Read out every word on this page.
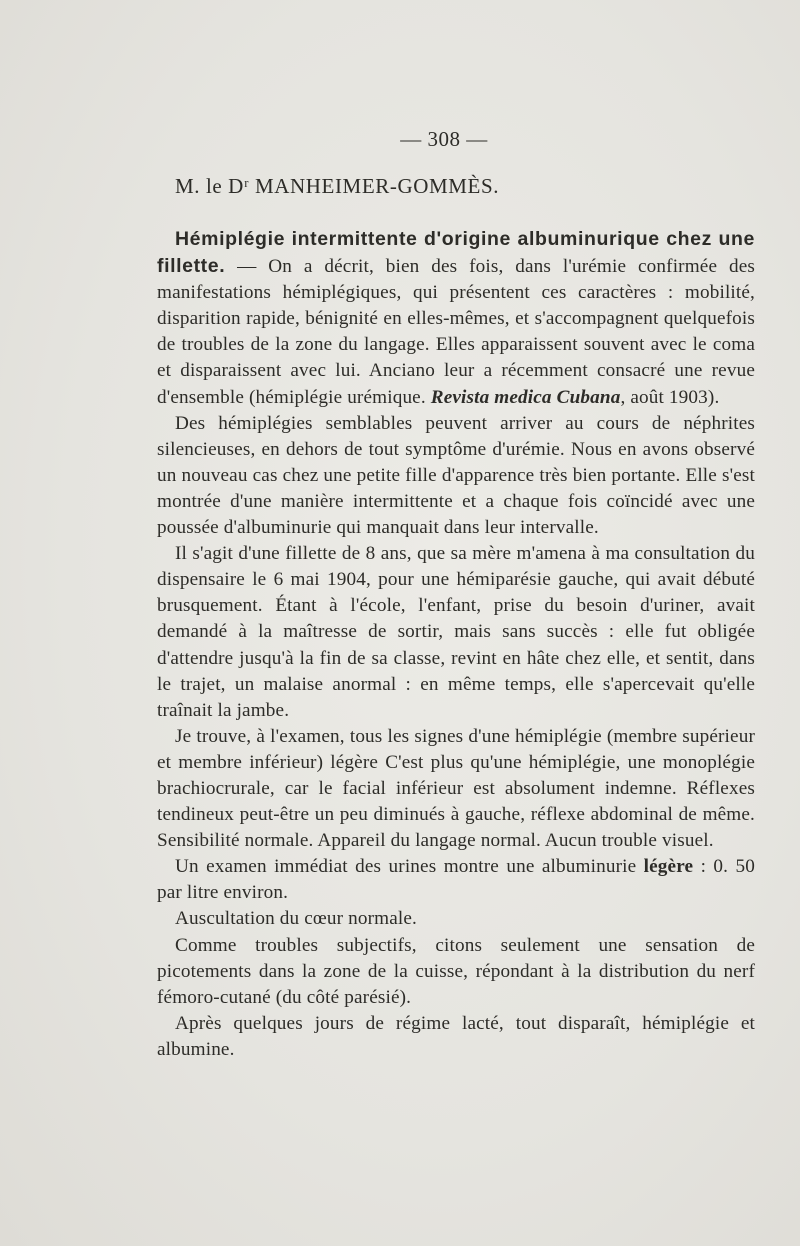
— 308 —
M. le Dʳ MANHEIMER-GOMMÈS.

Hémiplégie intermittente d'origine albuminurique chez une fillette. — On a décrit, bien des fois, dans l'urémie confirmée des manifestations hémiplégiques, qui présentent ces caractères : mobilité, disparition rapide, bénignité en elles-mêmes, et s'accompagnent quelquefois de troubles de la zone du langage. Elles apparaissent souvent avec le coma et disparaissent avec lui. Anciano leur a récemment consacré une revue d'ensemble (hémiplégie urémique. Revista medica Cubana, août 1903).

Des hémiplégies semblables peuvent arriver au cours de néphrites silencieuses, en dehors de tout symptôme d'urémie. Nous en avons observé un nouveau cas chez une petite fille d'apparence très bien portante. Elle s'est montrée d'une manière intermittente et a chaque fois coïncidé avec une poussée d'albuminurie qui manquait dans leur intervalle.

Il s'agit d'une fillette de 8 ans, que sa mère m'amena à ma consultation du dispensaire le 6 mai 1904, pour une hémiparésie gauche, qui avait débuté brusquement. Étant à l'école, l'enfant, prise du besoin d'uriner, avait demandé à la maîtresse de sortir, mais sans succès : elle fut obligée d'attendre jusqu'à la fin de sa classe, revint en hâte chez elle, et sentit, dans le trajet, un malaise anormal : en même temps, elle s'apercevait qu'elle traînait la jambe.

Je trouve, à l'examen, tous les signes d'une hémiplégie (membre supérieur et membre inférieur) légère C'est plus qu'une hémiplégie, une monoplégie brachiocrurale, car le facial inférieur est absolument indemne. Réflexes tendineux peut-être un peu diminués à gauche, réflexe abdominal de même. Sensibilité normale. Appareil du langage normal. Aucun trouble visuel.

Un examen immédiat des urines montre une albuminurie légère : 0. 50 par litre environ.

Auscultation du cœur normale.

Comme troubles subjectifs, citons seulement une sensation de picotements dans la zone de la cuisse, répondant à la distribution du nerf fémoro-cutané (du côté parésié).

Après quelques jours de régime lacté, tout disparaît, hémiplégie et albumine.
